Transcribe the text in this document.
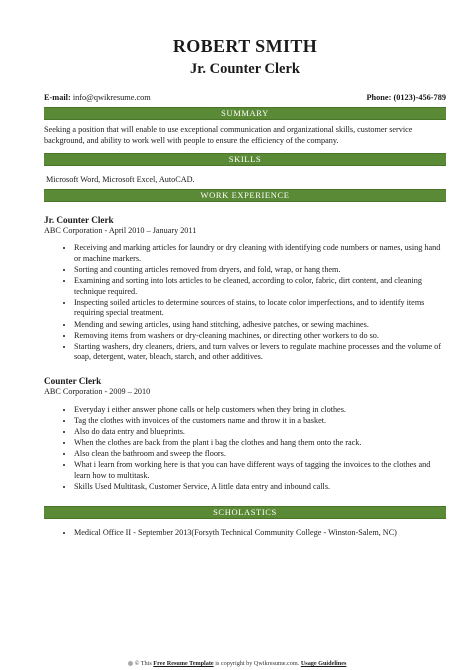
ROBERT SMITH
Jr. Counter Clerk
E-mail: info@qwikresume.com	Phone: (0123)-456-789
SUMMARY

Seeking a position that will enable to use exceptional communication and organizational skills, customer service background, and ability to work well with people to ensure the efficiency of the company.

SKILLS

Microsoft Word, Microsoft Excel, AutoCAD.

WORK EXPERIENCE
Jr. Counter Clerk
ABC Corporation - April 2010 – January 2011
• Receiving and marking articles for laundry or dry cleaning with identifying code numbers or names, using hand or machine markers.
• Sorting and counting articles removed from dryers, and fold, wrap, or hang them.
• Examining and sorting into lots articles to be cleaned, according to color, fabric, dirt content, and cleaning technique required.
• Inspecting soiled articles to determine sources of stains, to locate color imperfections, and to identify items requiring special treatment.
• Mending and sewing articles, using hand stitching, adhesive patches, or sewing machines.
• Removing items from washers or dry-cleaning machines, or directing other workers to do so.
• Starting washers, dry cleaners, driers, and turn valves or levers to regulate machine processes and the volume of soap, detergent, water, bleach, starch, and other additives.
Counter Clerk
ABC Corporation - 2009 – 2010
• Everyday i either answer phone calls or help customers when they bring in clothes.
• Tag the clothes with invoices of the customers name and throw it in a basket.
• Also do data entry and blueprints.
• When the clothes are back from the plant i bag the clothes and hang them onto the rack.
• Also clean the bathroom and sweep the floors.
• What i learn from working here is that you can have different ways of tagging the invoices to the clothes and learn how to multitask.
• Skills Used Multitask, Customer Service, A little data entry and inbound calls.
SCHOLASTICS
• Medical Office II - September 2013(Forsyth Technical Community College - Winston-Salem, NC)
© This Free Resume Template is copyright by Qwikresume.com. Usage Guidelines
